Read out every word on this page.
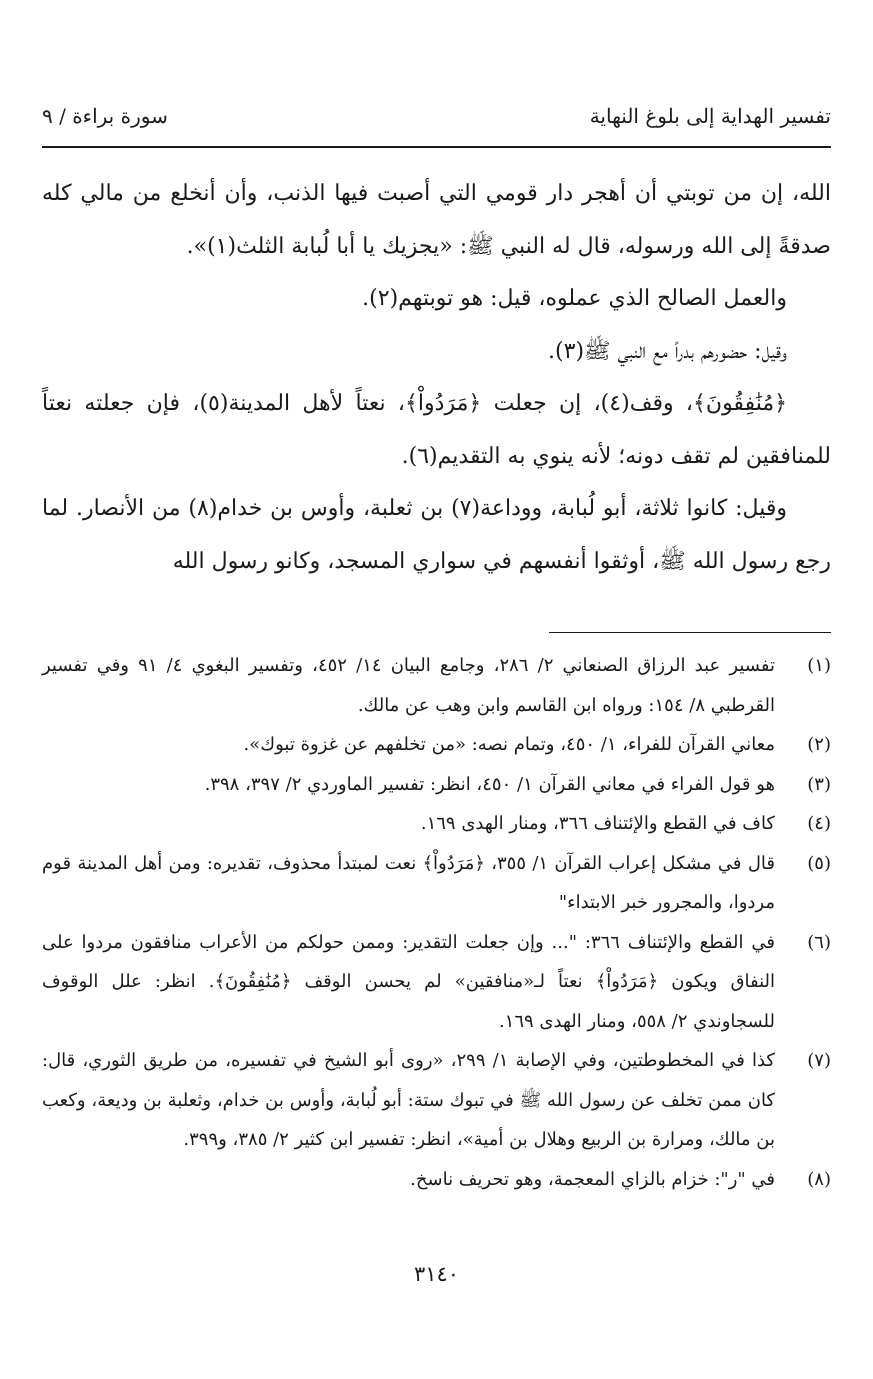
تفسير الهداية إلى بلوغ النهاية
سورة براءة / ٩

الله، إن من توبتي أن أهجر دار قومي التي أصبت فيها الذنب، وأن أنخلع من مالي كله صدقةً إلى الله ورسوله، قال له النبي ﷺ: «يجزيك يا أبا لُبابة الثلث(١)».

والعمل الصالح الذي عملوه، قيل: هو توبتهم(٢).

وقيل: حضورهم بدراً مع النبي ﷺ(٣).

﴿مُنَٰفِقُونَ﴾، وقف(٤)، إن جعلت ﴿مَرَدُواْ﴾، نعتاً لأهل المدينة(٥)، فإن جعلته نعتاً للمنافقين لم تقف دونه؛ لأنه ينوي به التقديم(٦).

وقيل: كانوا ثلاثة، أبو لُبابة، ووداعة(٧) بن ثعلبة، وأوس بن خدام(٨) من الأنصار. لما رجع رسول الله ﷺ، أوثقوا أنفسهم في سواري المسجد، وكانو رسول الله

(١)
تفسير عبد الرزاق الصنعاني ٢/ ٢٨٦، وجامع البيان ١٤/ ٤٥٢، وتفسير البغوي ٤/ ٩١ وفي تفسير القرطبي ٨/ ١٥٤: ورواه ابن القاسم وابن وهب عن مالك.
(٢)
معاني القرآن للفراء، ١/ ٤٥٠، وتمام نصه: «من تخلفهم عن غزوة تبوك».
(٣)
هو قول الفراء في معاني القرآن ١/ ٤٥٠، انظر: تفسير الماوردي ٢/ ٣٩٧، ٣٩٨.
(٤)
كاف في القطع والإئتناف ٣٦٦، ومنار الهدى ١٦٩.
(٥)
قال في مشكل إعراب القرآن ١/ ٣٥٥، ﴿مَرَدُواْ﴾ نعت لمبتدأ محذوف، تقديره: ومن أهل المدينة قوم مردوا، والمجرور خبر الابتداء"
(٦)
في القطع والإئتناف ٣٦٦: "... وإن جعلت التقدير: وممن حولكم من الأعراب منافقون مردوا على النفاق ويكون ﴿مَرَدُواْ﴾ نعتاً لـ«منافقين» لم يحسن الوقف ﴿مُنَٰفِقُونَ﴾. انظر: علل الوقوف للسجاوندي ٢/ ٥٥٨، ومنار الهدى ١٦٩.
(٧)
كذا في المخطوطتين، وفي الإصابة ١/ ٢٩٩، «روى أبو الشيخ في تفسيره، من طريق الثوري، قال: كان ممن تخلف عن رسول الله ﷺ في تبوك ستة: أبو لُبابة، وأوس بن خدام، وثعلبة بن وديعة، وكعب بن مالك، ومرارة بن الربيع وهلال بن أمية»، انظر: تفسير ابن كثير ٢/ ٣٨٥، و٣٩٩.
(٨)
في "ر": خزام بالزاي المعجمة، وهو تحريف ناسخ.
٣١٤٠
